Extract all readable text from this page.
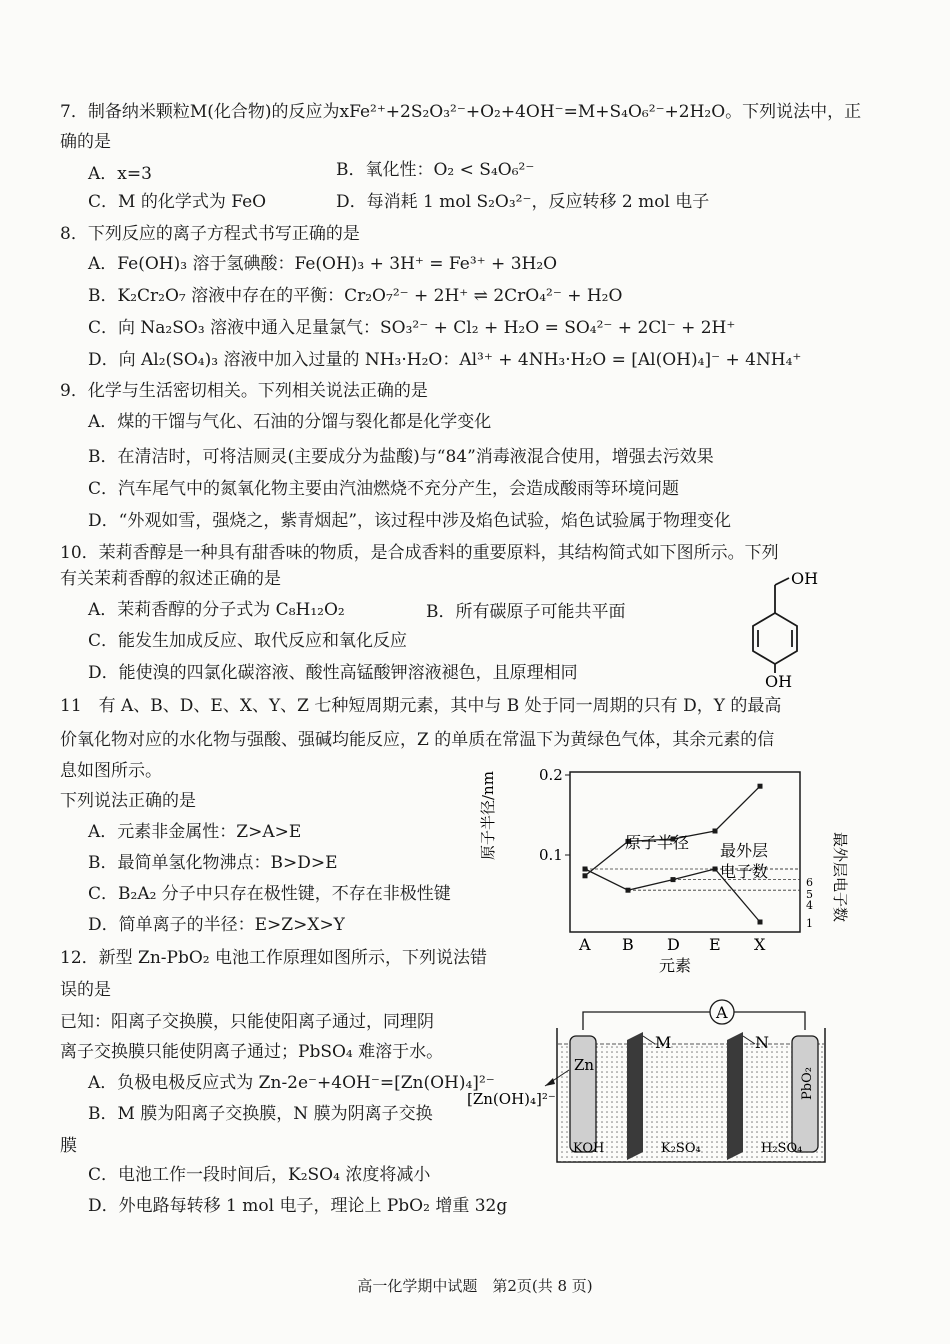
7．制备纳米颗粒M(化合物)的反应为xFe²⁺+2S₂O₃²⁻+O₂+4OH⁻=M+S₄O₆²⁻+2H₂O。下列说法中，正
确的是
A．x=3	B．氧化性：O₂ < S₄O₆²⁻
C．M 的化学式为 FeO	D．每消耗 1 mol S₂O₃²⁻，反应转移 2 mol 电子
8．下列反应的离子方程式书写正确的是
A．Fe(OH)₃ 溶于氢碘酸：Fe(OH)₃ + 3H⁺ = Fe³⁺ + 3H₂O
B．K₂Cr₂O₇ 溶液中存在的平衡：Cr₂O₇²⁻ + 2H⁺ ⇌ 2CrO₄²⁻ + H₂O
C．向 Na₂SO₃ 溶液中通入足量氯气：SO₃²⁻ + Cl₂ + H₂O = SO₄²⁻ + 2Cl⁻ + 2H⁺
D．向 Al₂(SO₄)₃ 溶液中加入过量的 NH₃·H₂O：Al³⁺ + 4NH₃·H₂O = [Al(OH)₄]⁻ + 4NH₄⁺
9．化学与生活密切相关。下列相关说法正确的是
A．煤的干馏与气化、石油的分馏与裂化都是化学变化
B．在清洁时，可将洁厕灵(主要成分为盐酸)与“84”消毒液混合使用，增强去污效果
C．汽车尾气中的氮氧化物主要由汽油燃烧不充分产生，会造成酸雨等环境问题
D．“外观如雪，强烧之，紫青烟起”，该过程中涉及焰色试验，焰色试验属于物理变化
10．茉莉香醇是一种具有甜香味的物质，是合成香料的重要原料，其结构简式如下图所示。下列
有关茉莉香醇的叙述正确的是
A．茉莉香醇的分子式为 C₈H₁₂O₂	B．所有碳原子可能共平面
C．能发生加成反应、取代反应和氧化反应
D．能使溴的四氯化碳溶液、酸性高锰酸钾溶液褪色，且原理相同
OH
OH
11　有 A、B、D、E、X、Y、Z 七种短周期元素，其中与 B 处于同一周期的只有 D，Y 的最高
价氧化物对应的水化物与强酸、强碱均能反应，Z 的单质在常温下为黄绿色气体，其余元素的信
息如图所示。
下列说法正确的是
A．元素非金属性：Z>A>E
B．最简单氢化物沸点：B>D>E
C．B₂A₂ 分子中只存在极性键，不存在非极性键
D．简单离子的半径：E>Z>X>Y
0.2
0.1
6
5
4
1
原子半径/nm
最外层电子数
A B D E X
元素
原子半径 最外层
电子数
12．新型 Zn-PbO₂ 电池工作原理如图所示，下列说法错
误的是
已知：阳离子交换膜，只能使阳离子通过，同理阴
离子交换膜只能使阴离子通过；PbSO₄ 难溶于水。
A．负极电极反应式为 Zn-2e⁻+4OH⁻=[Zn(OH)₄]²⁻
B．M 膜为阳离子交换膜，N 膜为阴离子交换
膜
C．电池工作一段时间后，K₂SO₄ 浓度将减小
D．外电路每转移 1 mol 电子，理论上 PbO₂ 增重 32g
A
Zn
PbO₂
M	N
[Zn(OH)₄]²⁻
KOH	K₂SO₄	H₂SO₄
高一化学期中试题　第2页(共 8 页)
